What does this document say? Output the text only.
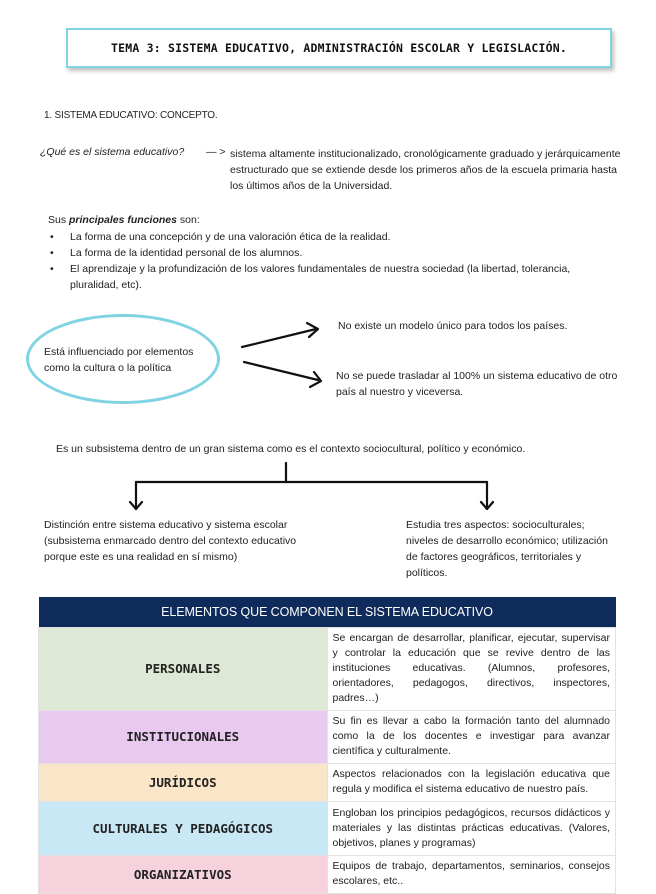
TEMA 3: SISTEMA EDUCATIVO, ADMINISTRACIÓN ESCOLAR Y LEGISLACIÓN.
1. SISTEMA EDUCATIVO: CONCEPTO.
¿Qué es el sistema educativo? — > sistema altamente institucionalizado, cronológicamente graduado y jerárquicamente estructurado que se extiende desde los primeros años de la escuela primaria hasta los últimos años de la Universidad.
Sus principales funciones son:
• La forma de una concepción y de una valoración ética de la realidad.
• La forma de la identidad personal de los alumnos.
• El aprendizaje y la profundización de los valores fundamentales de nuestra sociedad (la libertad, tolerancia, pluralidad, etc).
Está influenciado por elementos como la cultura o la política
No existe un modelo único para todos los países.
No se puede trasladar al 100% un sistema educativo de otro país al nuestro y viceversa.
Es un subsistema dentro de un gran sistema como es el contexto sociocultural, político y económico.
Distinción entre sistema educativo y sistema escolar (subsistema enmarcado dentro del contexto educativo porque este es una realidad en sí mismo)
Estudia tres aspectos: socioculturales; niveles de desarrollo económico; utilización de factores geográficos, territoriales y políticos.
ELEMENTOS QUE COMPONEN EL SISTEMA EDUCATIVO	
PERSONALES	Se encargan de desarrollar, planificar, ejecutar, supervisar y controlar la educación que se revive dentro de las instituciones educativas. (Alumnos, profesores, orientadores, pedagogos, directivos, inspectores, padres…)
INSTITUCIONALES	Su fin es llevar a cabo la formación tanto del alumnado como la de los docentes e investigar para avanzar científica y culturalmente.
JURÍDICOS	Aspectos relacionados con la legislación educativa que regula y modifica el sistema educativo de nuestro país.
CULTURALES Y PEDAGÓGICOS	Engloban los principios pedagógicos, recursos didácticos y materiales y las distintas prácticas educativas. (Valores, objetivos, planes y programas)
ORGANIZATIVOS	Equipos de trabajo, departamentos, seminarios, consejos escolares, etc..
